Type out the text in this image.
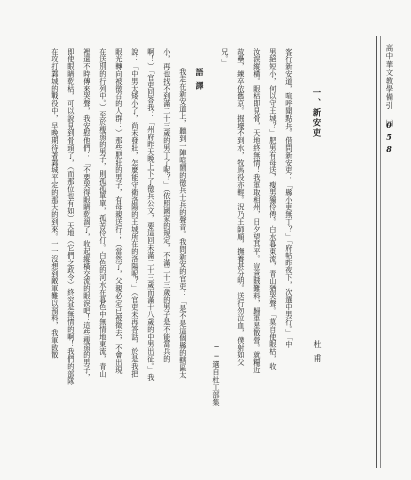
高中華文教學備引 ㈢
058
一、新安吏
杜甫
客行新安道，喧呼聞點兵。借問新安吏：「縣小更無丁？」「府帖昨夜下，次選中男行。」「中
男絕短小，何以守王城？」肥男有母送，瘦男獨伶俜。白水暮東流，青山猶哭聲。「莫自使眼枯，收
汝淚縱橫。眼枯即見骨，天地終無情！我軍取相州，日夕望其平。豈意賊難料，歸軍星散營。就糧近
故壘，練卒依舊京。掘壕不到水，牧馬役亦輕。況乃王師順，撫養甚分明。送行勿泣血，僕射如父
兄。」
──選自杜工部集
語譯
我走在新安道上，聽到一陣喧鬧的徵兵士兵的聲音。我問新安的官吏：「是不是這個縣的轄區太
小，再也找不到滿二十三歲的男丁了呢？」（依照國家的規定，不滿二十三歲的男子是不能當兵的
啊！）「官吏回答我：「州府昨天晚上下了徵兵公文，要這回未滿二十三歲而滿十八歲的中男出征。」我
說：「中男太矮小了，尚未發壯，怎麼能守衛洛陽的王城所在的洛陽呢？」（官吏未再答話，於是我把
眼光轉向被徵召的人群：）那些肥壯的男子，有母親送行；（當然了，父親必定已被徵去，不會出現
在送別的行列中。）至於瘦弱的男子，則孤孤單單，孤苦伶仃。白色的河水在暮色中無情地東流，青山
裡還不時傳來哭聲，我安慰他們：「不要哭得眼睛乾涸了，收起縱橫交流的眼淚吧！這些瘦弱的男子，
即使眼睛乾枯，可以說見到骨頭了，（而那位也有如）天地（它們之政令）終究是無情的啊！我們的部隊
在攻打鄴城的戰役中，早晚期待著鄴城平定的那天的到來。一一沒想到敵軍難以預料，我軍敗散
